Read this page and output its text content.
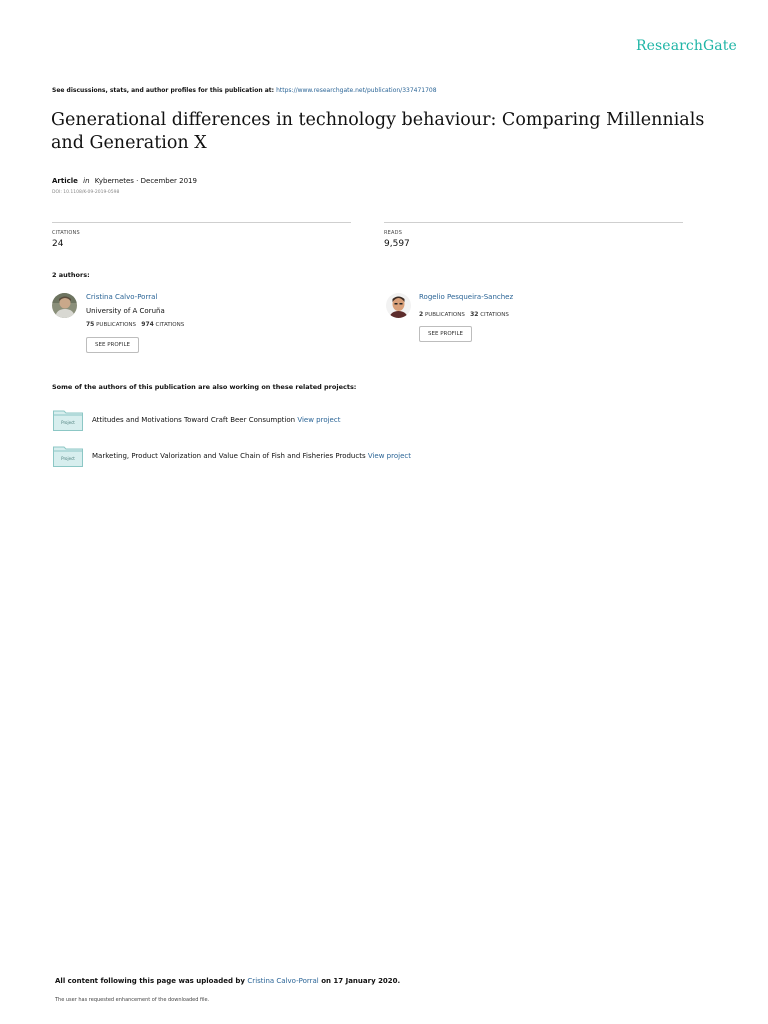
ResearchGate
See discussions, stats, and author profiles for this publication at: https://www.researchgate.net/publication/337471708
Generational differences in technology behaviour: Comparing Millennials and Generation X
Article in Kybernetes · December 2019
DOI: 10.1108/K-09-2019-0598
CITATIONS
24
READS
9,597
2 authors:
Cristina Calvo-Porral
University of A Coruña
75 PUBLICATIONS 974 CITATIONS
SEE PROFILE
Rogelio Pesqueira-Sanchez
2 PUBLICATIONS 32 CITATIONS
SEE PROFILE
Some of the authors of this publication are also working on these related projects:
Project Attitudes and Motivations Toward Craft Beer Consumption View project
Project Marketing, Product Valorization and Value Chain of Fish and Fisheries Products View project
All content following this page was uploaded by Cristina Calvo-Porral on 17 January 2020.
The user has requested enhancement of the downloaded file.
